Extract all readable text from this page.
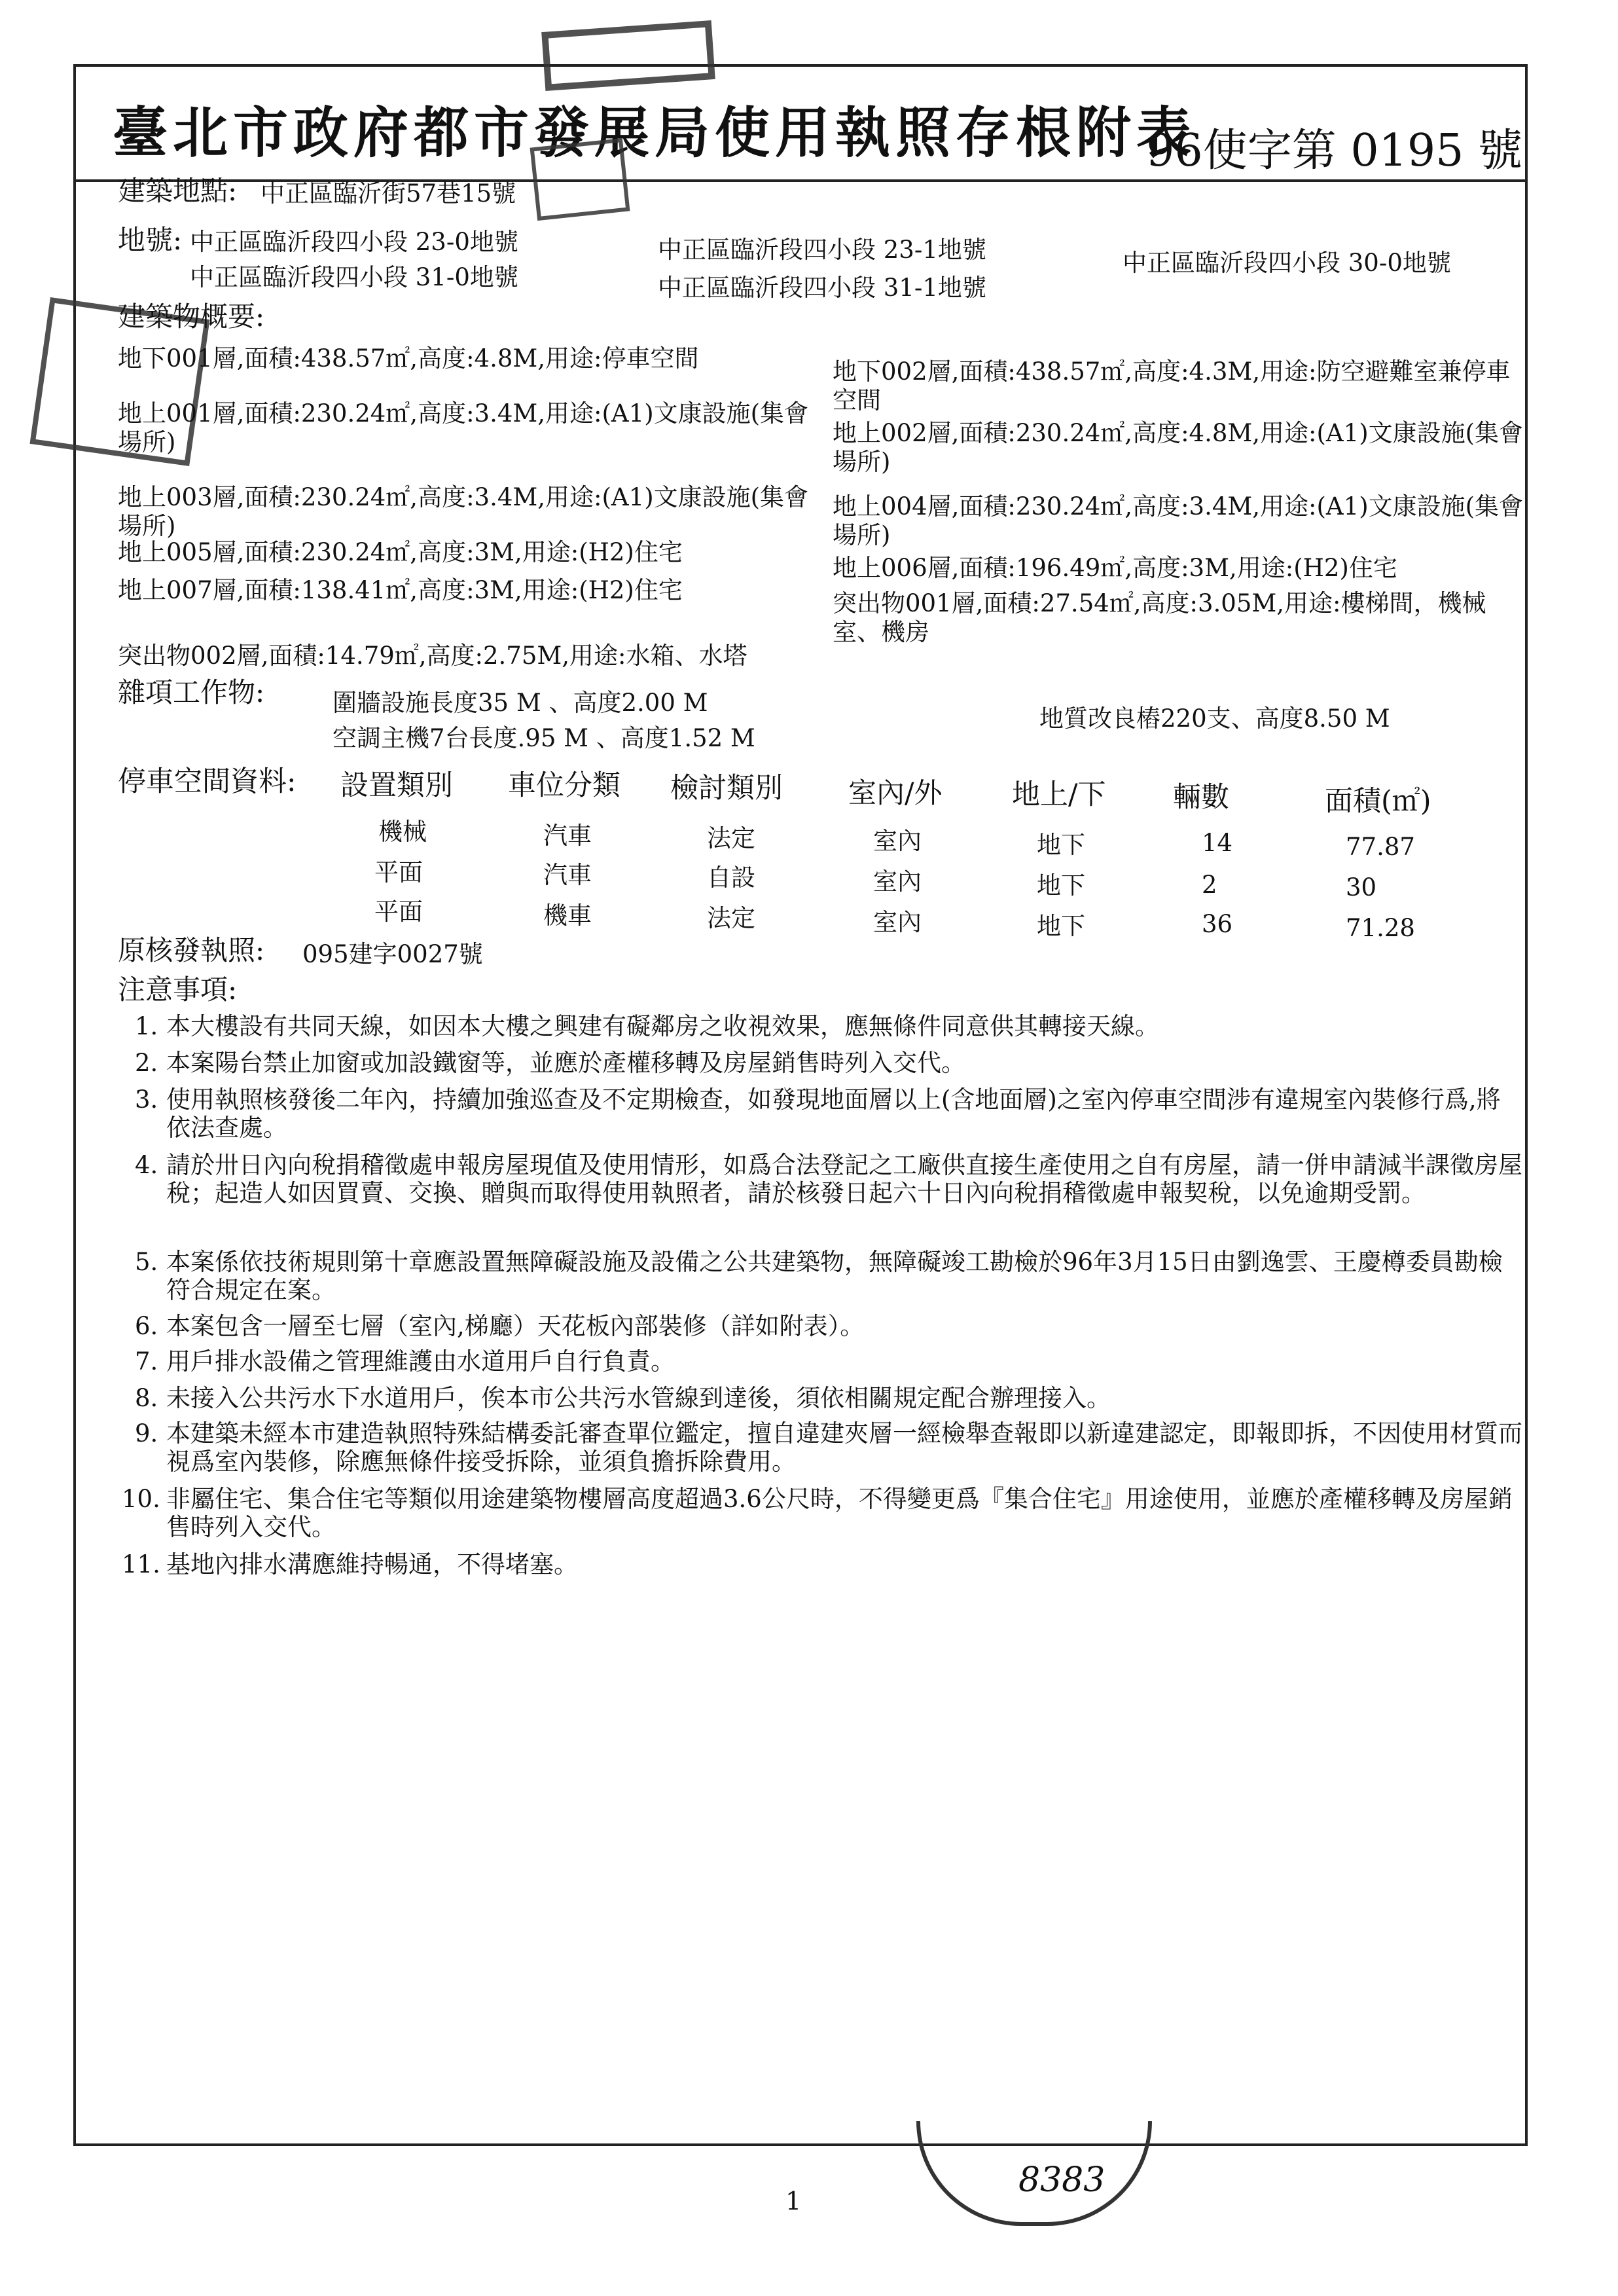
臺北市政府都市發展局使用執照存根附表
96使字第 0195 號
建築地點: 中正區臨沂街57巷15號
地號: 中正區臨沂段四小段 23-0地號	中正區臨沂段四小段 23-1地號	中正區臨沂段四小段 30-0地號
中正區臨沂段四小段 31-0地號	中正區臨沂段四小段 31-1地號
建築物概要:
地下001層,面積:438.57㎡,高度:4.8M,用途:停車空間
地上001層,面積:230.24㎡,高度:3.4M,用途:(A1)文康設施(集會場所)
地上003層,面積:230.24㎡,高度:3.4M,用途:(A1)文康設施(集會場所)
地上005層,面積:230.24㎡,高度:3M,用途:(H2)住宅
地上007層,面積:138.41㎡,高度:3M,用途:(H2)住宅
突出物002層,面積:14.79㎡,高度:2.75M,用途:水箱、水塔
地下002層,面積:438.57㎡,高度:4.3M,用途:防空避難室兼停車空間
地上002層,面積:230.24㎡,高度:4.8M,用途:(A1)文康設施(集會場所)
地上004層,面積:230.24㎡,高度:3.4M,用途:(A1)文康設施(集會場所)
地上006層,面積:196.49㎡,高度:3M,用途:(H2)住宅
突出物001層,面積:27.54㎡,高度:3.05M,用途:樓梯間，機械室、機房
雜項工作物:	圍牆設施長度35 M 、高度2.00 M
空調主機7台長度.95 M 、高度1.52 M
地質改良樁220支、高度8.50 M
停車空間資料: 設置類別 車位分類 檢討類別 室內/外 地上/下 輛數	面積(㎡)
機械	汽車	法定	室內	地下	14	77.87
平面	汽車	自設	室內	地下	2	30
平面	機車	法定	室內	地下	36	71.28
原核發執照: 095建字0027號
注意事項:
1. 本大樓設有共同天線，如因本大樓之興建有礙鄰房之收視效果，應無條件同意供其轉接天線。
2. 本案陽台禁止加窗或加設鐵窗等，並應於產權移轉及房屋銷售時列入交代。
3. 使用執照核發後二年內，持續加強巡查及不定期檢查，如發現地面層以上(含地面層)之室內停車空間涉有違規室內裝修行爲,將依法查處。
4. 請於卅日內向稅捐稽徵處申報房屋現值及使用情形，如爲合法登記之工廠供直接生產使用之自有房屋，請一併申請減半課徵房屋稅；起造人如因買賣、交換、贈與而取得使用執照者，請於核發日起六十日內向稅捐稽徵處申報契稅，以免逾期受罰。
5. 本案係依技術規則第十章應設置無障礙設施及設備之公共建築物，無障礙竣工勘檢於96年3月15日由劉逸雲、王慶樽委員勘檢符合規定在案。
6. 本案包含一層至七層（室內,梯廳）天花板內部裝修（詳如附表）。
7. 用戶排水設備之管理維護由水道用戶自行負責。
8. 未接入公共污水下水道用戶，俟本市公共污水管線到達後，須依相關規定配合辦理接入。
9. 本建築未經本市建造執照特殊結構委託審查單位鑑定，擅自違建夾層一經檢舉查報即以新違建認定，即報即拆，不因使用材質而視爲室內裝修，除應無條件接受拆除，並須負擔拆除費用。
10. 非屬住宅、集合住宅等類似用途建築物樓層高度超過3.6公尺時，不得變更爲『集合住宅』用途使用，並應於產權移轉及房屋銷售時列入交代。
11. 基地內排水溝應維持暢通，不得堵塞。
1
8383
